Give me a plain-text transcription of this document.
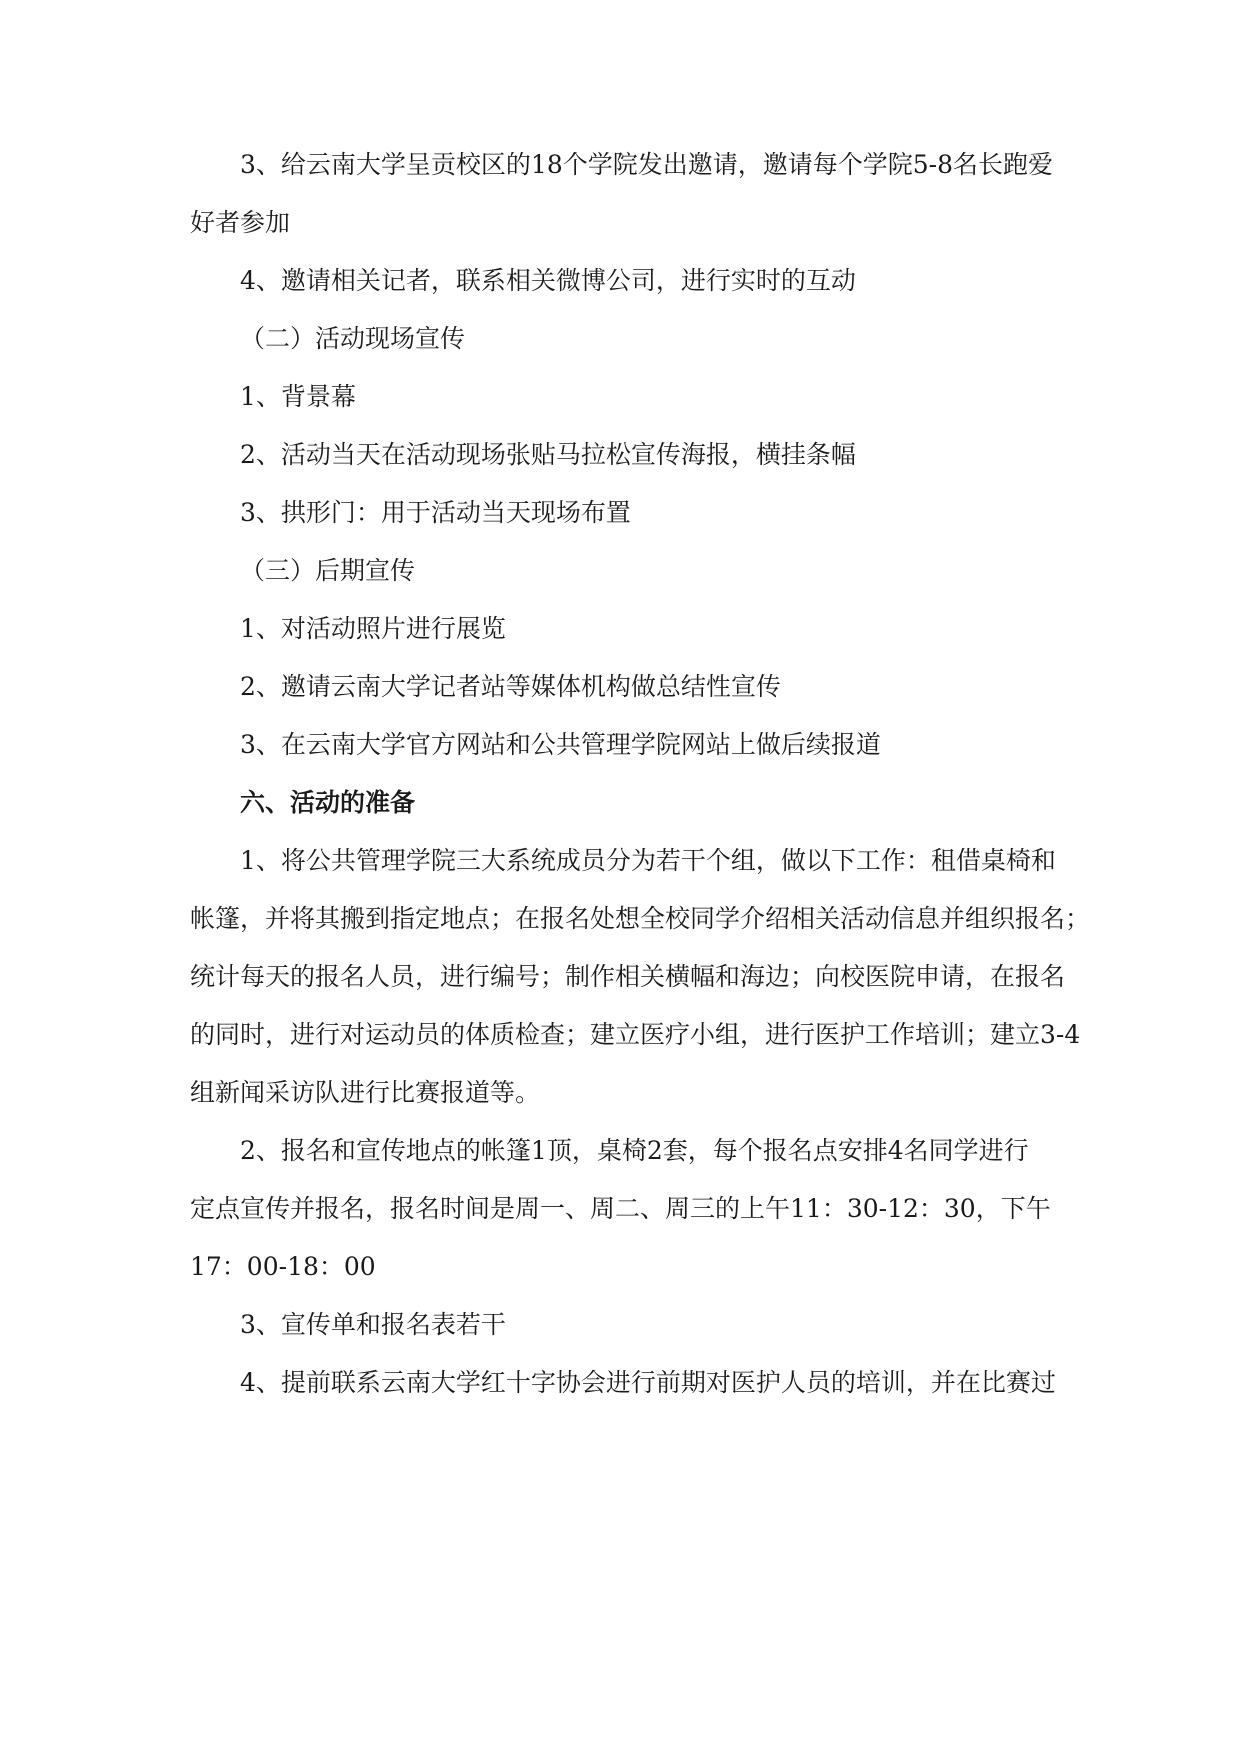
3、给云南大学呈贡校区的18个学院发出邀请，邀请每个学院5-8名长跑爱
好者参加
4、邀请相关记者，联系相关微博公司，进行实时的互动
（二）活动现场宣传
1、背景幕
2、活动当天在活动现场张贴马拉松宣传海报，横挂条幅
3、拱形门：用于活动当天现场布置
（三）后期宣传
1、对活动照片进行展览
2、邀请云南大学记者站等媒体机构做总结性宣传
3、在云南大学官方网站和公共管理学院网站上做后续报道
六、活动的准备
1、将公共管理学院三大系统成员分为若干个组，做以下工作：租借桌椅和
帐篷，并将其搬到指定地点；在报名处想全校同学介绍相关活动信息并组织报名；
统计每天的报名人员，进行编号；制作相关横幅和海边；向校医院申请，在报名
的同时，进行对运动员的体质检查；建立医疗小组，进行医护工作培训；建立3-4
组新闻采访队进行比赛报道等。
2、报名和宣传地点的帐篷1顶，桌椅2套，每个报名点安排4名同学进行
定点宣传并报名，报名时间是周一、周二、周三的上午11：30-12：30，下午
17：00-18：00
3、宣传单和报名表若干
4、提前联系云南大学红十字协会进行前期对医护人员的培训，并在比赛过
